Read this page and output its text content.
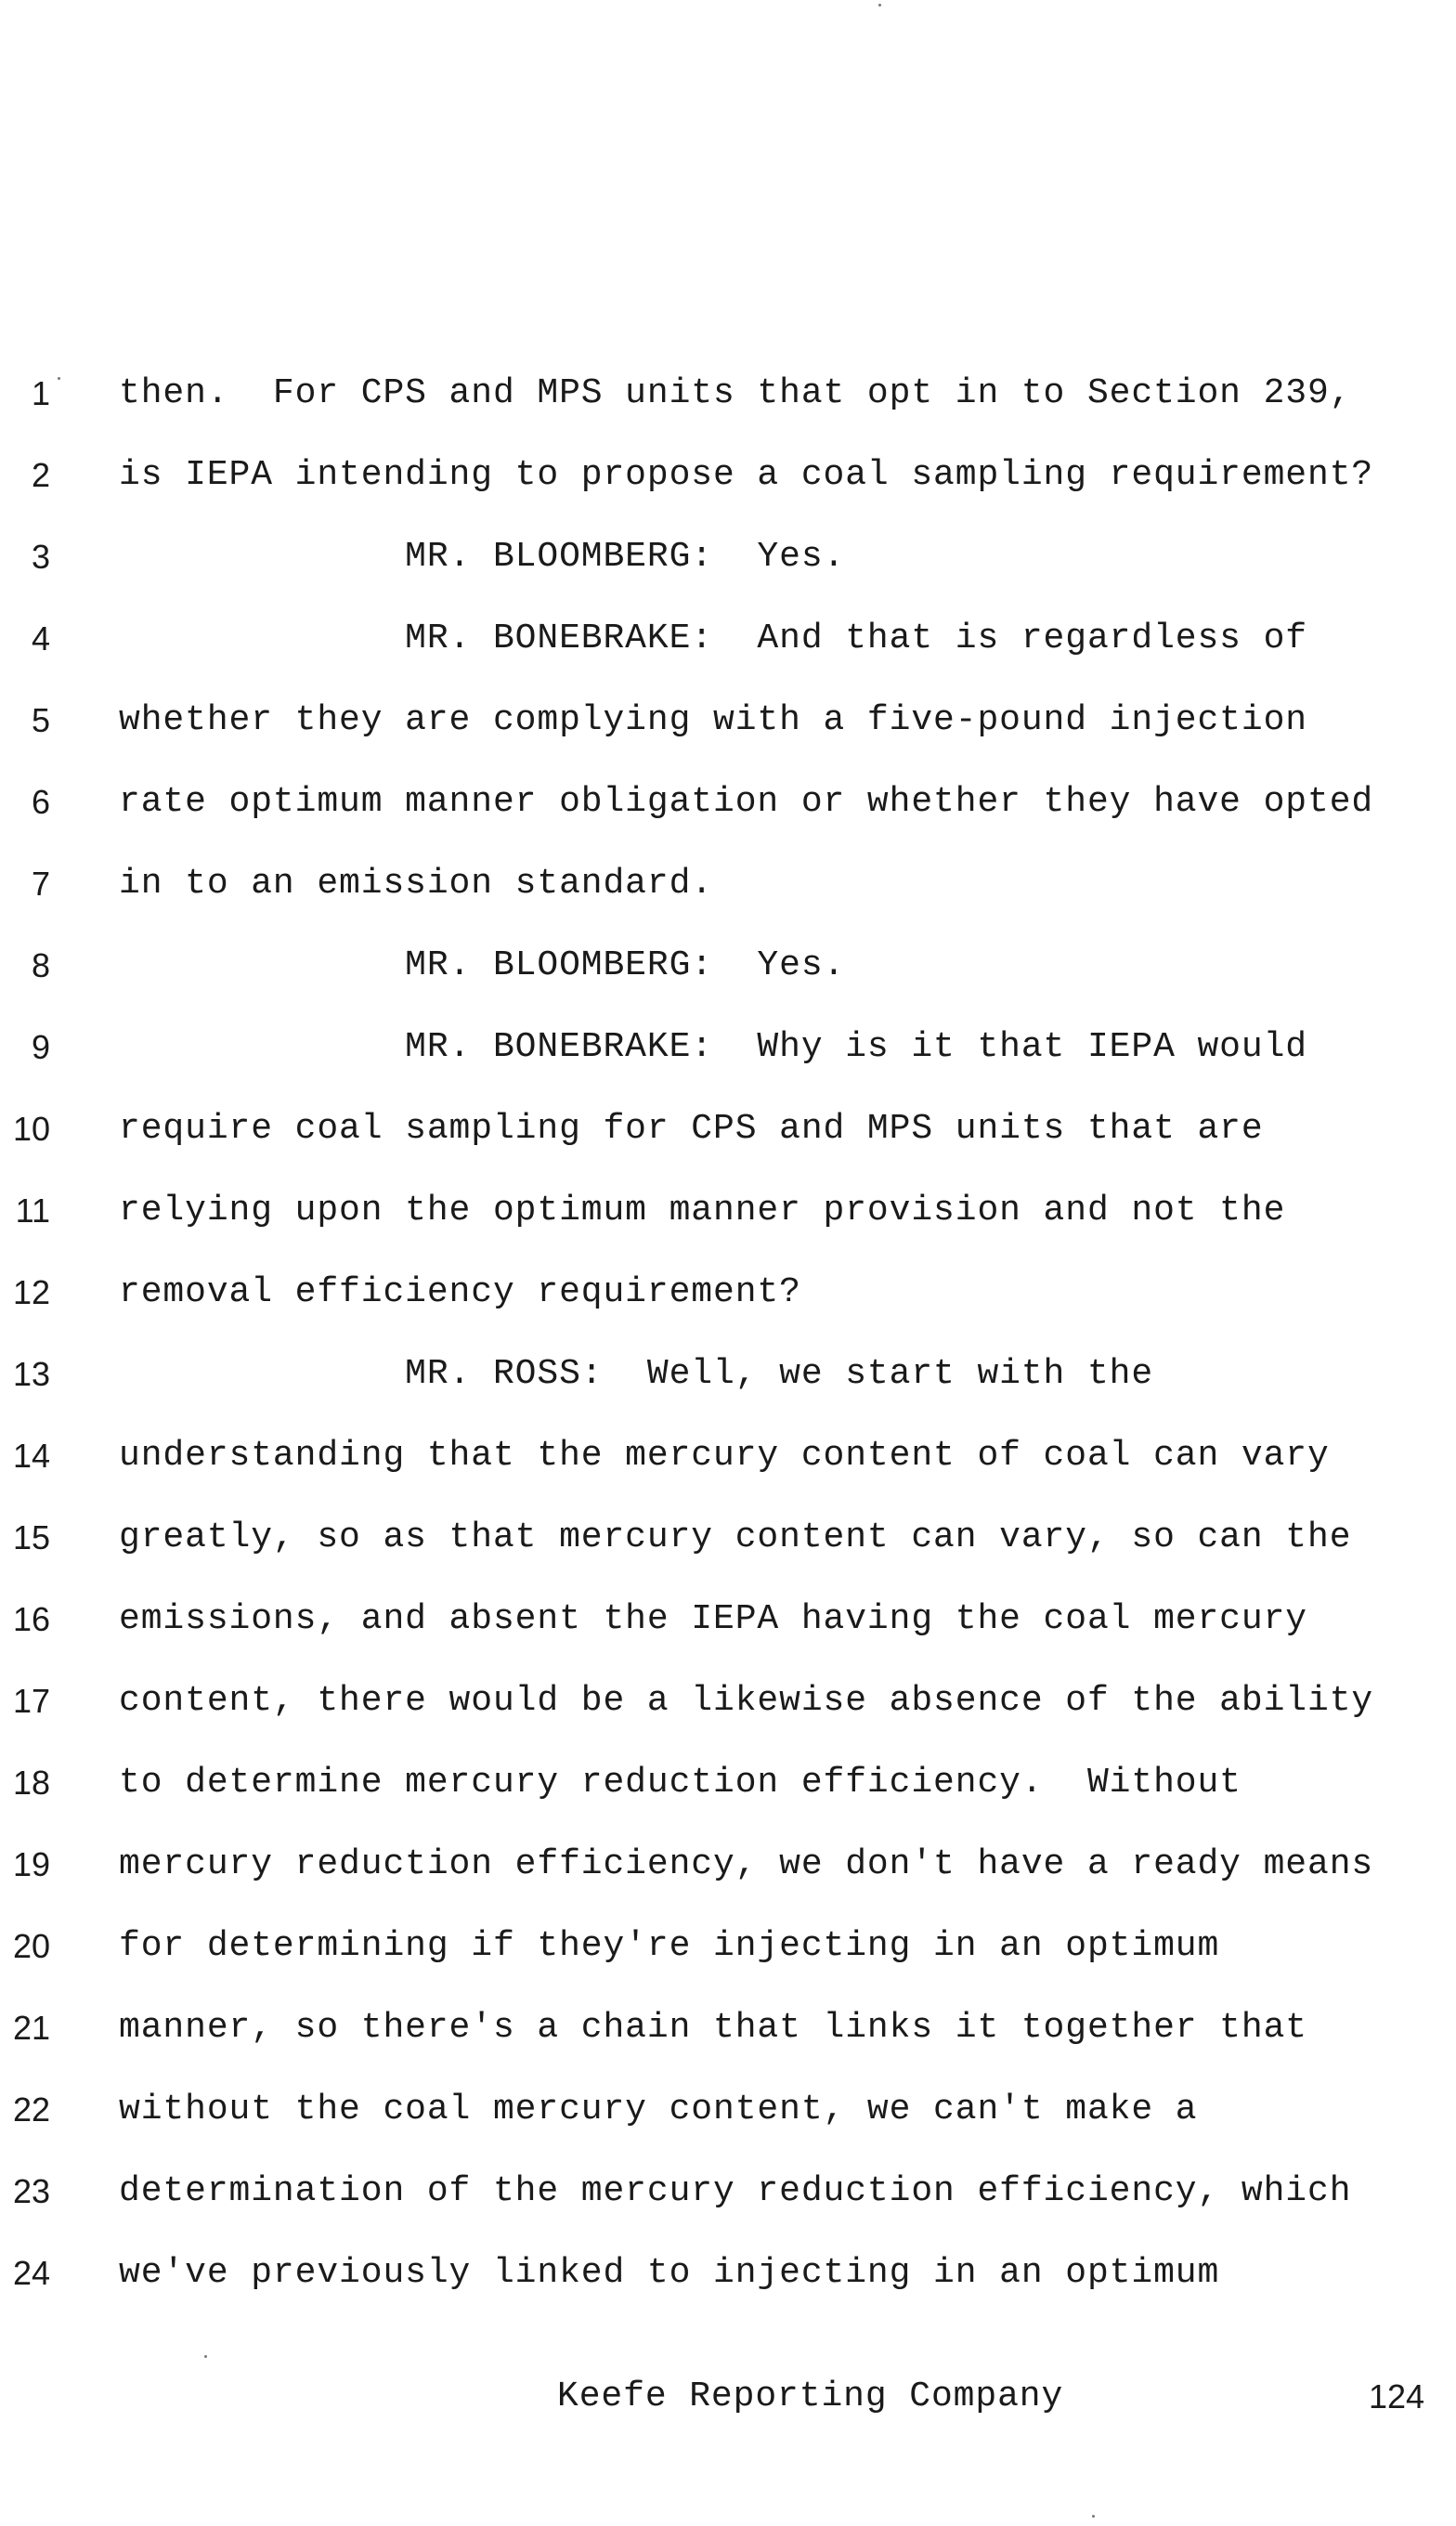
1 then.  For CPS and MPS units that opt in to Section 239,
2 is IEPA intending to propose a coal sampling requirement?
3 MR. BLOOMBERG:  Yes.
4 MR. BONEBRAKE:  And that is regardless of
5 whether they are complying with a five-pound injection
6 rate optimum manner obligation or whether they have opted
7 in to an emission standard.
8 MR. BLOOMBERG:  Yes.
9 MR. BONEBRAKE:  Why is it that IEPA would
10 require coal sampling for CPS and MPS units that are
11 relying upon the optimum manner provision and not the
12 removal efficiency requirement?
13 MR. ROSS:  Well, we start with the
14 understanding that the mercury content of coal can vary
15 greatly, so as that mercury content can vary, so can the
16 emissions, and absent the IEPA having the coal mercury
17 content, there would be a likewise absence of the ability
18 to determine mercury reduction efficiency.  Without
19 mercury reduction efficiency, we don't have a ready means
20 for determining if they're injecting in an optimum
21 manner, so there's a chain that links it together that
22 without the coal mercury content, we can't make a
23 determination of the mercury reduction efficiency, which
24 we've previously linked to injecting in an optimum
Keefe Reporting Company	124
